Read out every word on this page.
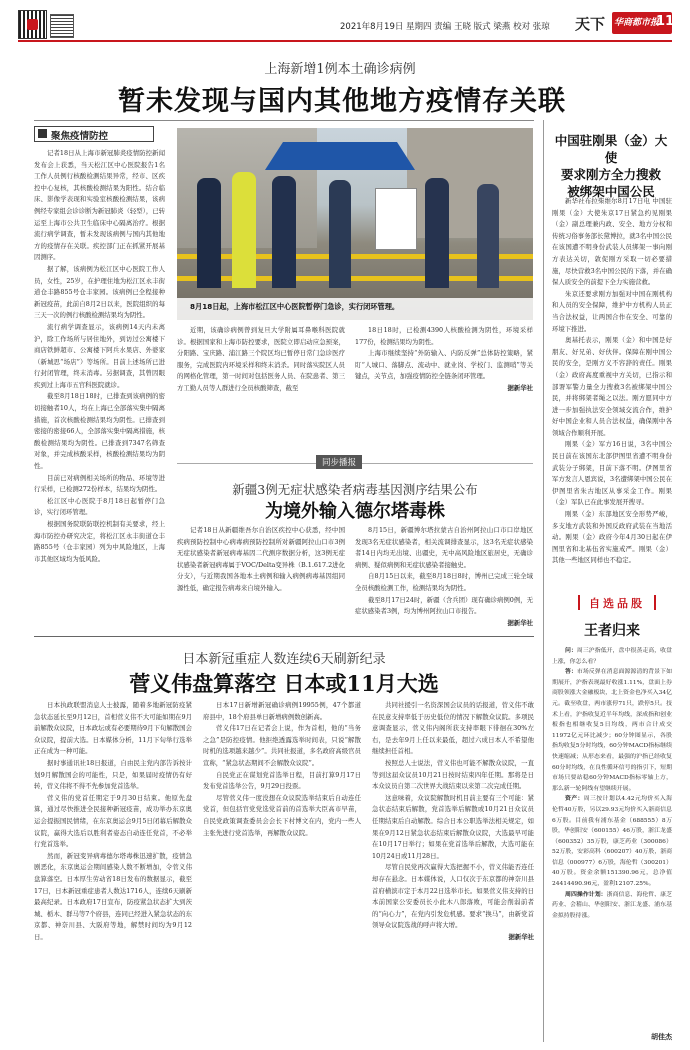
2021年8月19日 星期四 责编 王晓 版式 梁燕 校对 张琼 天下 华商都市报
11
上海新增1例本土确诊病例
暂未发现与国内其他地方疫情存关联
聚焦疫情防控
8月18日起，上海市松江区中心医院暂停门急诊，实行闭环管理。

记者18日从上海市新冠肺炎疫情防控新闻发布会上获悉，当天松江区中心医院报告1名工作人员例行核酸检测结果异常，经市、区疾控中心复核，其核酸检测结果为阳性。结合临床、影像学表现和实验室核酸检测结果，该病例经专家组会诊诊断为新冠肺炎（轻型），已转运至上海市公共卫生临床中心隔离治疗。根据流行病学调查，暂未发现该病例与国内其他地方的疫情存在关联。疾控部门正在抓紧开展基因测序。

据了解，该病例为松江区中心医院工作人员，女性，25岁，在护理住地为松江区永丰街道仓丰路855号仓丰家园。该病例已全程接种新冠疫苗，此前自8月2日以来，医院组织的每三天一次的例行核酸检测结果均为阴性。

流行病学调查显示，该病例14天内未离沪，除工作场所与居住地外，到访过公寓楼下商店铁鲜超市、公寓楼下阿兵水果店、外婆家（新城思“场店”）等场所。目前上述场所已进行封闭管理，终末消毒。另据调查，其曾因眼疾到过上海市五官科医院就诊。

截至8月18日18时，已排查到该病例的密切接触者10人，均在上海已全部落实集中隔离措施，首次核酸检测结果均为阴性。已排查到密接的密接66人，全部落实集中隔离措施，核酸检测结果均为阴性。已排查到7347名筛查对象，并完成核酸采样，核酸检测结果均为阴性。

目前已对病例相关场所的物品、环境等进行采样，已检测272份样本，结果均为阴性。

松江区中心医院于8月18日起暂停门急诊，实行闭环管理。

根据国务院联防联控机制有关要求，经上海市防控办研究决定，将松江区永丰街道仓丰路855号（仓丰家园）列为中风险地区，上海市其他区域均为低风险。

近期，该确诊病例曾到复旦大学附属耳鼻喉科医院就诊。根据国家和上海市防控要求，医院立即启动应急预案，分阳路、宝庆路、浦江路三个院区均已暂停日常门急诊医疗服务，完成医院内环境采样和终末消杀。同时落实院区人员的网格化管理，第一时间对包括医务人员、在院患者、第三方工勤人员等人群进行全员核酸筛查，截至

18日18时，已检测4390人核酸检测为阴性，环境采样177份，检测结果均为阴性。

上海市继续坚持“外防输入、内防反弹”总体防控策略，紧盯“人城口、落脚点、流动中、就业岗、学校门、监测哨”等关键点，关节点，加强疫情防控全链条闭环管理。

据新华社

同步播报
新疆3例无症状感染者病毒基因测序结果公布
为境外输入德尔塔毒株

记者18日从新疆维吾尔自治区疾控中心获悉，经中国疾病预防控制中心病毒病预防控制所对新疆阿拉山口市3例无症状感染者新冠病毒基因二代测序数据分析，这3例无症状感染者新冠病毒属于VOC/Delta变异株（B.1.617.2进化分支），与近期我国各地本土病例和输入病例病毒基因组同源性低，确定报告病毒来自境外输入。

8月15日，新疆博尔塔拉蒙古自治州阿拉山口市口岸地区发现3名无症状感染者，相关流调排查显示，这3名无症状感染者14日内均无出境、出疆史，无中高风险地区旅居史，无确诊病例、疑似病例和无症状感染者接触史。

自8月15日以来，截至8月18日8时，博州已完成三轮全域全员核酸检测工作，检测结果均为阴性。

截至8月17日24时，新疆（含兵团）现有确诊病例0例，无症状感染者3例，均为博州阿拉山口市报告。

据新华社

日本新冠重症人数连续6天刷新纪录
菅义伟盘算落空 日本或11月大选

日本执政联盟消息人士披露，随着多地新冠防疫紧急状态延长至9月12日，首相菅义伟不大可能如期在9月前解散众议院，日本政坛或有必要期待9月下旬解散国会众议院，提前大选。日本媒体分析，11月下旬举行选举正在成为一种可能。

据时事通讯社18日报道，自由民主党内部告诉按计划9月解散国会的可能性，只是，如果届时疫情仍有好转，菅义伟将不得不先参加党首选举。

菅义伟的党首任期定于9月30日结束。他原先盘算，通过尽快推进全民接种新冠疫苗，成功举办东京奥运会提振国民情绪，在东京奥运会9月5日闭幕后解散众议院，赢得大选后以胜利者姿态自动连任党首，不必举行党首选举。

然而，新冠变异病毒德尔塔毒株迅速扩散，疫情急剧恶化，东京奥运会期间感染人数不断增加，令菅义伟盘算落空。日本厚生劳动省18日发布的数据显示，截至17日，日本新冠重症患者人数达1716人，连续6天刷新最高纪录。日本政府17日宣布，防疫紧急状态扩大到茨城、栃木、群马等7个府县，连同已经进入紧急状态的东京都、神奈川县、大阪府等地，解禁时间均为9月12日。

日本17日新增新冠确诊病例19955例，47个都道府县中，18个府县单日新增病例数创新高。

菅义伟17日在记者会上说，作为首相，他的“当务之急”是防控疫情。他拒绝透露选举时间表，只说“解散时机的选项越来越少”。共同社报道，多名政府高级官员宣称，“紧急状态期间不会解散众议院”。

自民党正在谋划党首选举日程，目前打算9月17日发布党首选举公告，9月29日投票。

尽管菅义伟一度没想在众议院选举结束后自动连任党首，但包括官党党选党首前的首选举大臣高市早苗，自民党政策调查委员会会长下村博文在内，党内一些人主张先进行党首选举，再解散众议院。

共同社援引一名资深国会议员的话报道，菅义伟不敢在民意支持率低于历史低位的情况下解散众议院。多项民意调查显示，菅义伟内阁所获支持率眼下徘徊在30%左右，是去年9月上任以来最低，超过六成日本人不希望他继续担任首相。

按照总人士说法，菅义伟也可能不解散众议院，一直等到这届众议员10月21日按时结束四年任期。那将是日本众议员自第二次世界大战结束以来第二次完成任期。

这意味着，众议院解散时机目前主要有三个可能：紧急状态结束后解散，党首选举后解散或10月21日众议员任期结束后自动解散。综合日本公职选举法相关规定，如果在9月12日紧急状态结束后解散众议院，大选最早可能在10月17日举行；如果在党首选举后解散，大选可能在10月24日或11月28日。

尽管自民党再次赢得大选把握不小，菅义伟能否连任却存在悬念。日本媒体说，人口仅次于东京都的神奈川县首府横滨市定于本月22日选举市长。如果菅义伟支持的日本前国家公安委员长小此木八郎落败，可能会削弱前者的“向心力”，在党内引发危机感。要求“换马”，由新党首领导众议院选战的呼声将大增。

据新华社

中国驻刚果（金）大使
要求刚方全力搜救
被绑架中国公民

新华社布拉柴维尔8月17日电 中国驻刚果（金）大使朱京17日紧急约见刚果（金）副总理兼内政、安全、地方分权和传统习俗事务部长黛博拉，就3名中国公民在该国遭不明身份武装人员绑架一事向刚方表达关切，敦促刚方采取一切必要措施，尽快营救3名中国公民的下落，并在确保人质安全的前提下全力实施营救。

朱京还要求刚方加强对中国在刚机构和人员的安全保障，维护中方机构人员正当合法权益，让两国合作在安全、可靠的环境下推进。

奥基托表示，刚果（金）和中国是好朋友、好兄弟、好伙伴。保障在刚中国公民的安全，是刚方义不容辞的责任。刚果（金）政府高度重视中方关切，已指示和部署军警力量全力搜救3名被绑架中国公民，并将绑架者绳之以法。刚方愿同中方进一步加强执法安全领域交流合作，维护好中国企业和人员合法权益，确保刚中各领域合作顺利开展。

刚果（金）军方16日说，3名中国公民日前在该国东北部伊图里省遭不明身份武装分子绑架，目前下落不明。伊图里省军方发言人恩宾说，3名遭绑架中国公民在伊图里省朱古地区从事采金工作。刚果（金）军队已在此事发展开搜寻。

刚果（金）东部地区安全形势严峻，多支地方武装和外国反政府武装在当地活动。刚果（金）政府今年4月30日起在伊图里省和北基伍省实施戒严。刚果（金）其他一些地区同样也不稳定。

自选品股
王者归来

问：周三沪指低开，盘中很蒸走高，收盘上涨，你怎么看？

答：市场反弹在消息面源源清的背景下如期展开，沪指表现最好收涨1.11%，盘面上券商股领涨大金融板块，北上资金也净买入34亿元。截至收盘，两市涨停71只，跌停5只。技术上看，沪指收复近半年均线，深成指和创业板指也相继收复5日均线，两市合计成交11972亿元环比减少；60分钟图显示，各股指均收复5分时均线，60分钟MACD指标继续快速缩减；从形态来看，最强的沪指已经收复60分时均线，在良性循环信号的指引下，短期市场只要站稳60分钟MACD指标零轴上方，那么新一轮阿线有望继续开展。

资产：周三按计划以4.42元均价买入海伦哲40万股，另以29.93元均价买入浙商信息6万股。目前我有浦东基金（688555）8万股，华创阳安（600155）46万股，浙江龙盛（600352）35万股，康芝药业（300086）52万股，安彩高科（600207）40万股，浙商信息（000977）6万股，海伦哲（300201）40万股。资金余额151390.96元，总净值24414490.96元，盈利12107.25%。

周四操作计划：浙商信息、海伦哲、康芝药业、会稽山、华创阳安、浙江龙盛、浦东基金拟持股待涨。

胡佳杰
